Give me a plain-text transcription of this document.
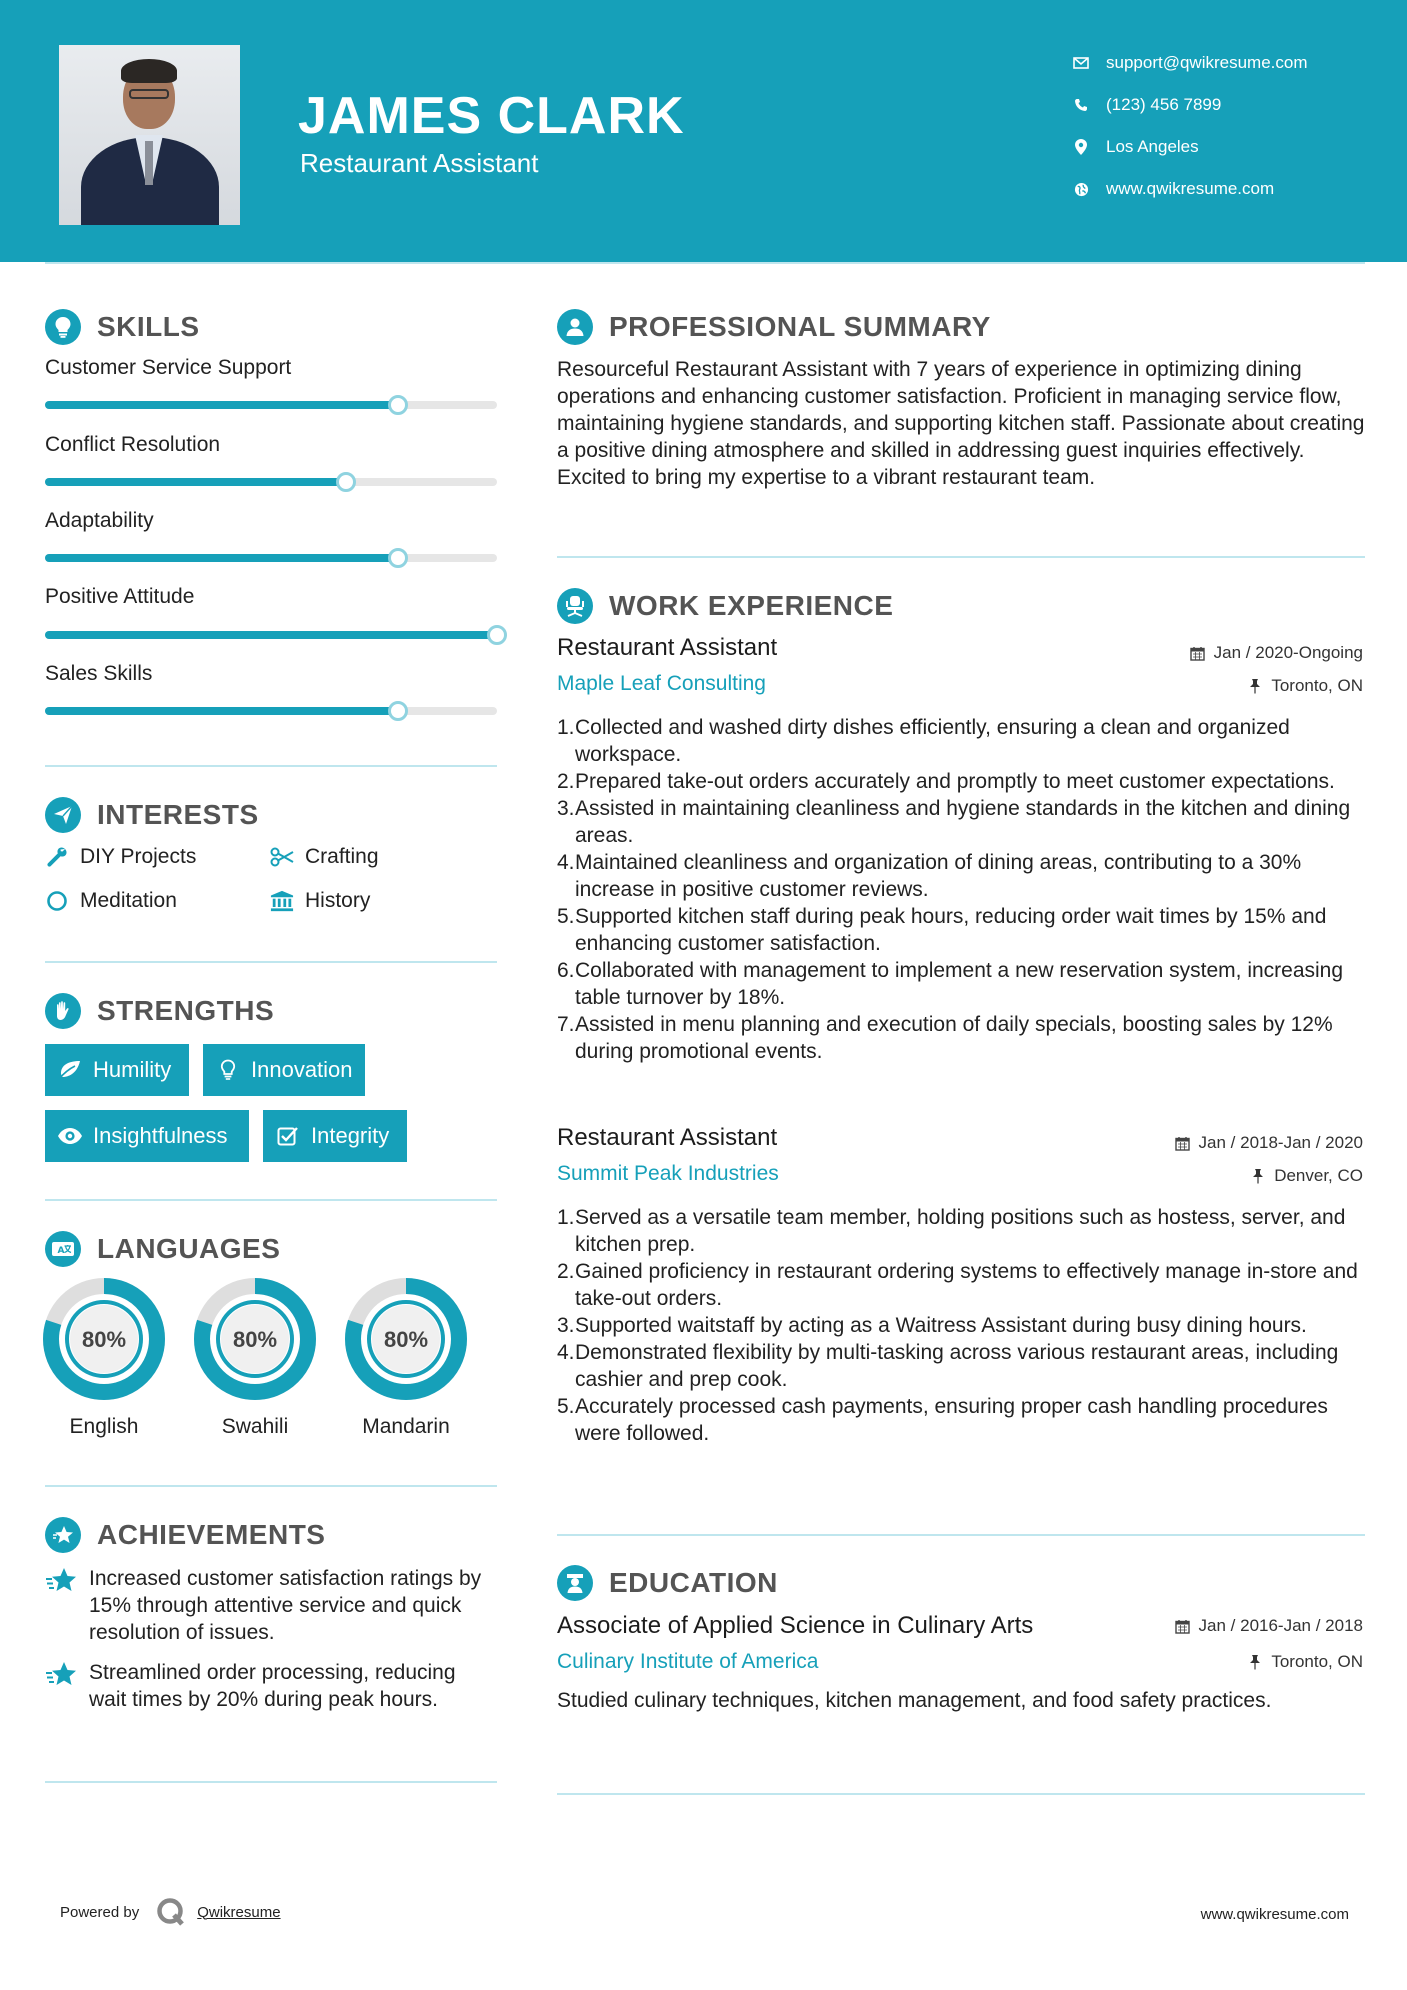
JAMES CLARK
Restaurant Assistant
support@qwikresume.com
(123) 456 7899
Los Angeles
www.qwikresume.com
SKILLS
Customer Service Support
Conflict Resolution
Adaptability
Positive Attitude
Sales Skills
INTERESTS
DIY Projects	Crafting
Meditation	History
STRENGTHS
Humility	Innovation
Insightfulness	Integrity
A LANGUAGES
80%
English
80%
Swahili
80%
Mandarin
ACHIEVEMENTS
Increased customer satisfaction ratings by 15% through attentive service and quick resolution of issues.
Streamlined order processing, reducing wait times by 20% during peak hours.
PROFESSIONAL SUMMARY
Resourceful Restaurant Assistant with 7 years of experience in optimizing dining operations and enhancing customer satisfaction. Proficient in managing service flow, maintaining hygiene standards, and supporting kitchen staff. Passionate about creating a positive dining atmosphere and skilled in addressing guest inquiries effectively. Excited to bring my expertise to a vibrant restaurant team.
WORK EXPERIENCE
Restaurant Assistant	Jan / 2020-Ongoing
Maple Leaf Consulting	Toronto, ON
1. Collected and washed dirty dishes efficiently, ensuring a clean and organized workspace.
2. Prepared take-out orders accurately and promptly to meet customer expectations.
3. Assisted in maintaining cleanliness and hygiene standards in the kitchen and dining areas.
4. Maintained cleanliness and organization of dining areas, contributing to a 30% increase in positive customer reviews.
5. Supported kitchen staff during peak hours, reducing order wait times by 15% and enhancing customer satisfaction.
6. Collaborated with management to implement a new reservation system, increasing table turnover by 18%.
7. Assisted in menu planning and execution of daily specials, boosting sales by 12% during promotional events.
Restaurant Assistant	Jan / 2018-Jan / 2020
Summit Peak Industries	Denver, CO
1. Served as a versatile team member, holding positions such as hostess, server, and kitchen prep.
2. Gained proficiency in restaurant ordering systems to effectively manage in-store and take-out orders.
3. Supported waitstaff by acting as a Waitress Assistant during busy dining hours.
4. Demonstrated flexibility by multi-tasking across various restaurant areas, including cashier and prep cook.
5. Accurately processed cash payments, ensuring proper cash handling procedures were followed.
EDUCATION
Associate of Applied Science in Culinary Arts	Jan / 2016-Jan / 2018
Culinary Institute of America	Toronto, ON
Studied culinary techniques, kitchen management, and food safety practices.
Powered by	Qwikresume	www.qwikresume.com
